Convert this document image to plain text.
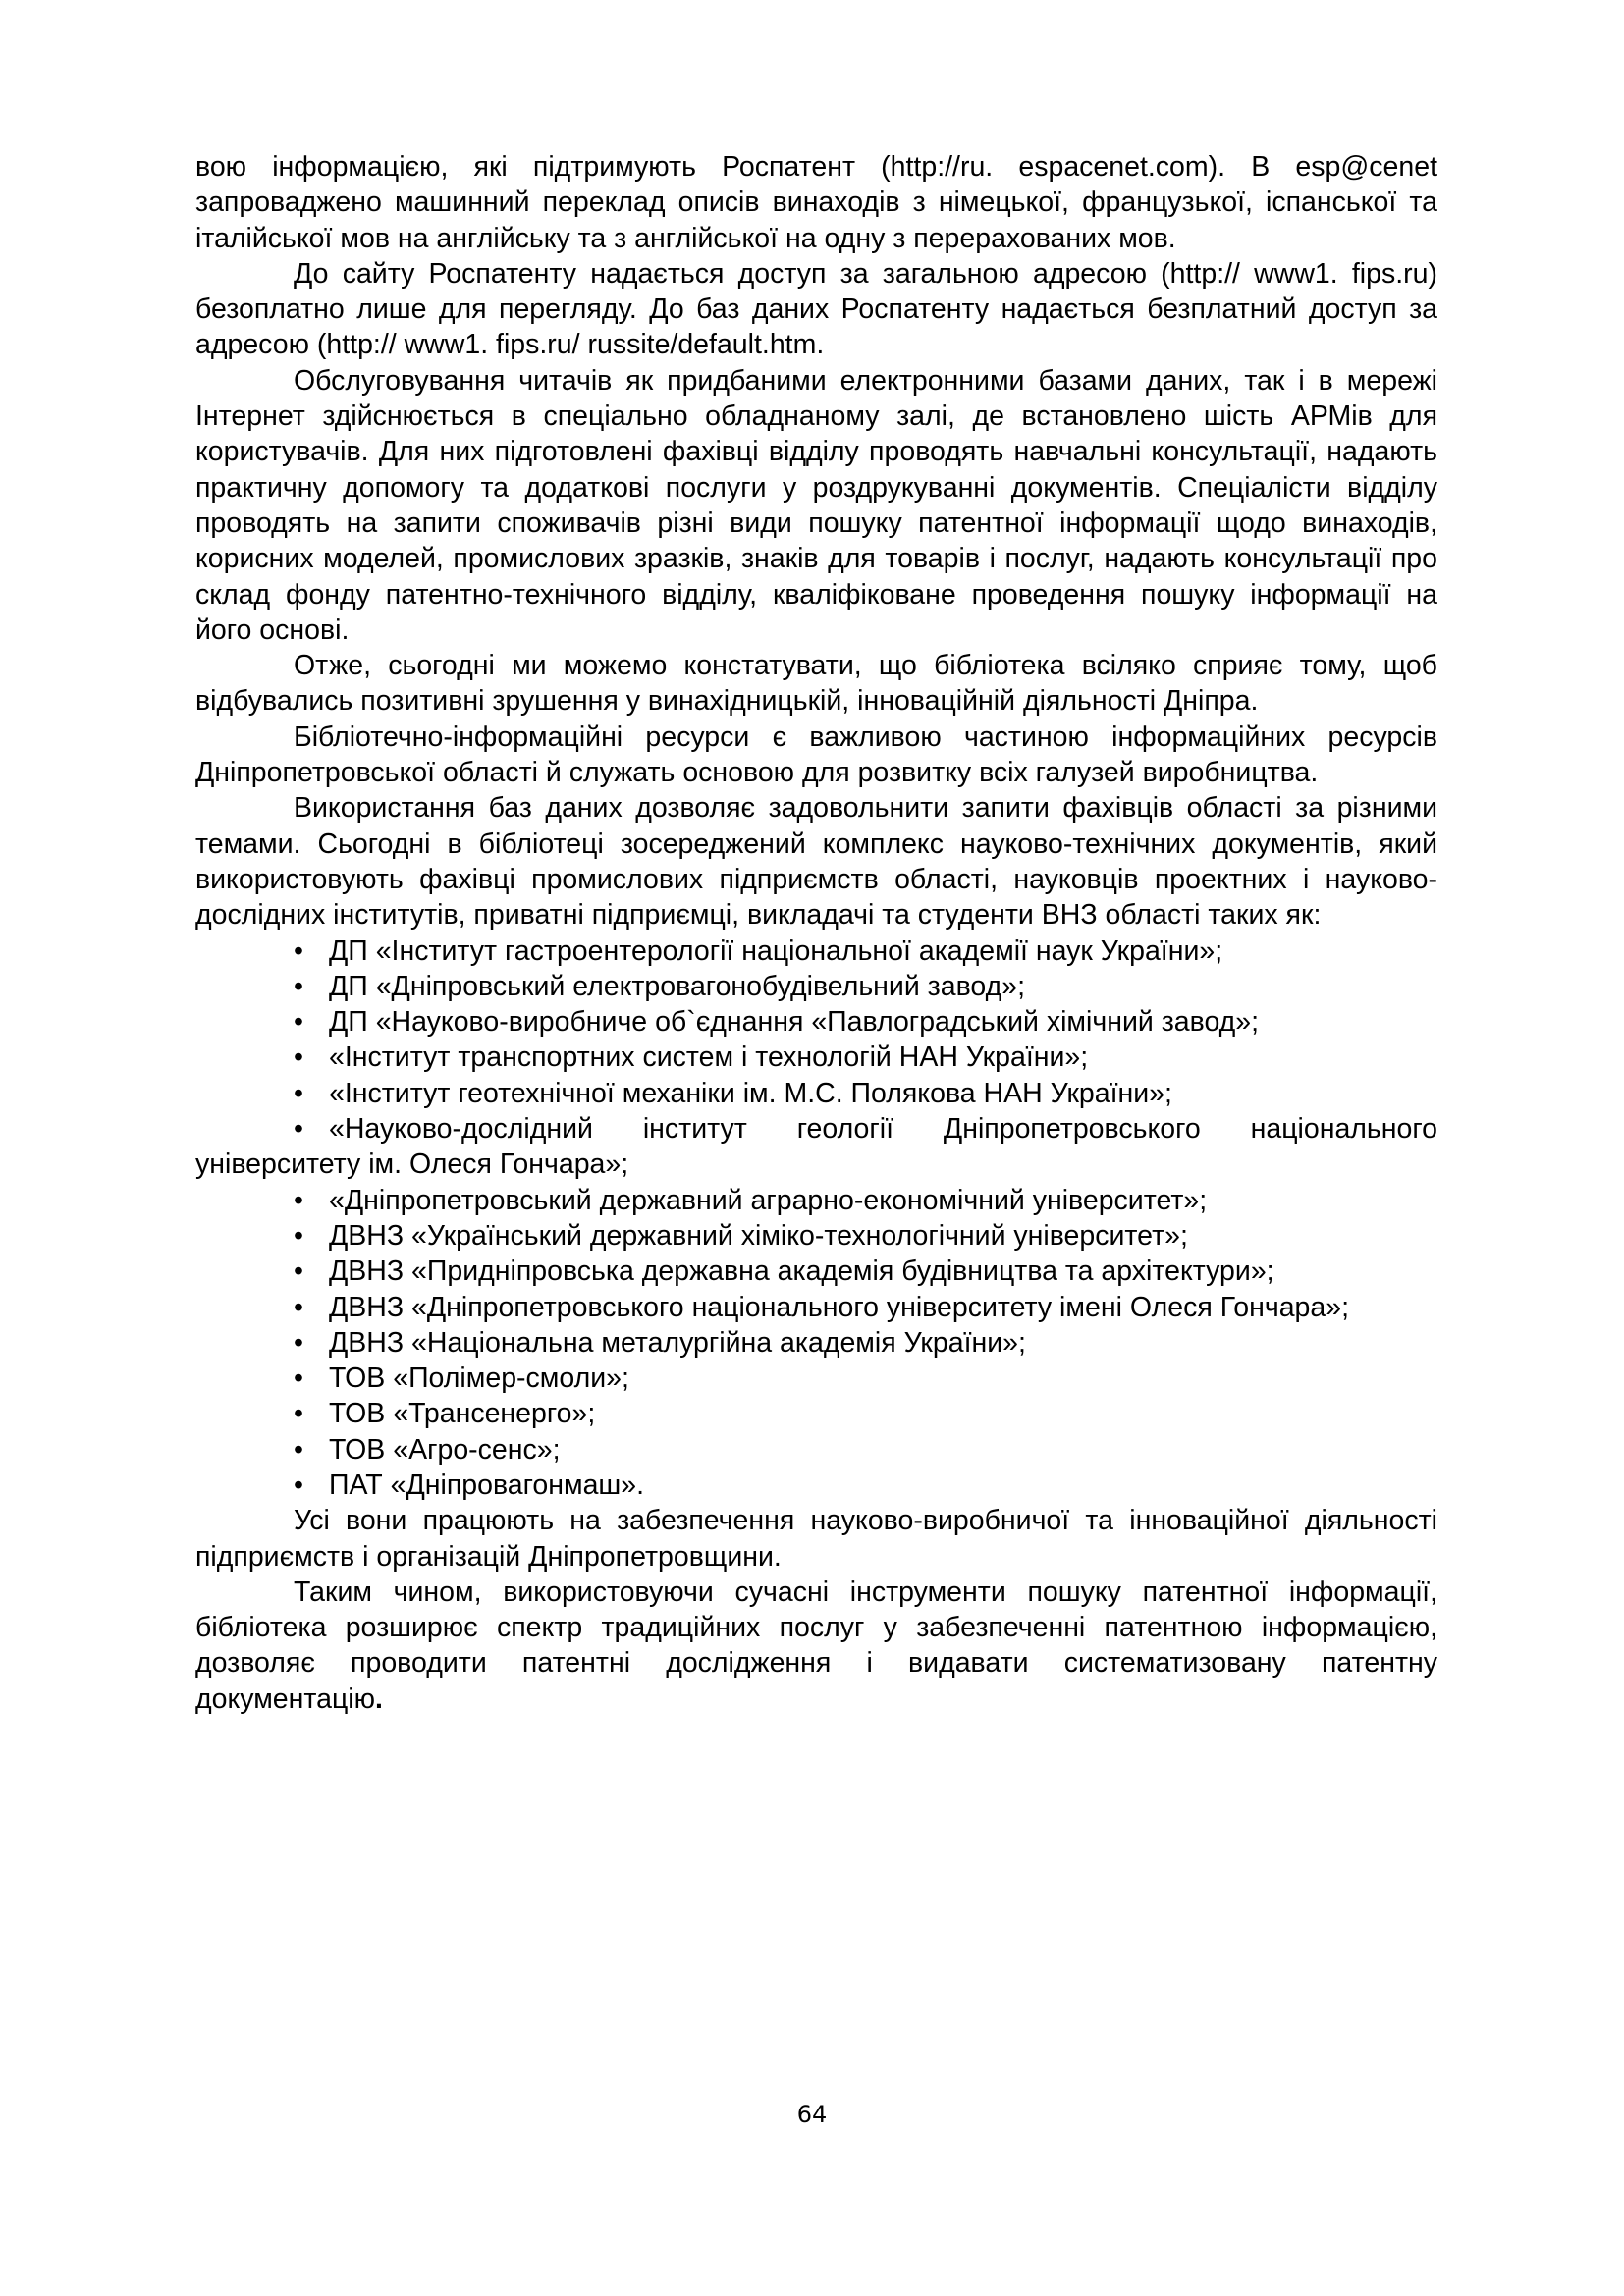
вою інформацією, які підтримують Роспатент (http://ru. espacenet.com). В esp@cenet запроваджено машинний переклад описів винаходів з німецької, французької, іспанської та італійської мов на англійську та з англійської на одну з перерахованих мов.

До сайту Роспатенту надається доступ за загальною адресою (http:// www1. fips.ru) безоплатно лише для перегляду. До баз даних Роспатенту надається безплатний доступ за адресою (http:// www1. fips.ru/ russite/default.htm.

Обслуговування читачів як придбаними електронними базами даних, так і в мережі Інтернет здійснюється в спеціально обладнаному залі, де встановлено шість АРМів для користувачів. Для них підготовлені фахівці відділу проводять навчальні консультації, надають практичну допомогу та додаткові послуги у роздрукуванні документів. Спеціалісти відділу проводять на запити споживачів різні види пошуку патентної інформації щодо винаходів, корисних моделей, промислових зразків, знаків для товарів і послуг, надають консультації про склад фонду патентно-технічного відділу, кваліфіковане проведення пошуку інформації на його основі.

Отже, сьогодні ми можемо констатувати, що бібліотека всіляко сприяє тому, щоб відбувались позитивні зрушення у винахідницькій, інноваційній діяльності Дніпра.

Бібліотечно-інформаційні ресурси є важливою частиною інформаційних ресурсів Дніпропетровської області й служать основою для розвитку всіх галузей виробництва.

Використання баз даних дозволяє задовольнити запити фахівців області за різними темами. Сьогодні в бібліотеці зосереджений комплекс науково-технічних документів, який використовують фахівці промислових підприємств області, науковців проектних і науково-дослідних інститутів, приватні підприємці, викладачі та студенти ВНЗ області таких як:

• ДП «Інститут гастроентерології національної академії наук України»;
• ДП «Дніпровський електровагонобудівельний завод»;
• ДП «Науково-виробниче об`єднання «Павлоградський хімічний завод»;
• «Інститут транспортних систем і технологій НАН України»;
• «Інститут геотехнічної механіки ім. М.С. Полякова НАН України»;
• «Науково-дослідний інститут геології Дніпропетровського національного університету ім. Олеся Гончара»;
• «Дніпропетровський державний аграрно-економічний університет»;
• ДВНЗ «Український державний хіміко-технологічний університет»;
• ДВНЗ «Придніпровська державна академія будівництва та архітектури»;
• ДВНЗ «Дніпропетровського національного університету імені Олеся Гончара»;
• ДВНЗ «Національна металургійна академія України»;
• ТОВ «Полімер-смоли»;
• ТОВ «Трансенерго»;
• ТОВ «Агро-сенс»;
• ПАТ «Дніпровагонмаш».

Усі вони працюють на забезпечення науково-виробничої та інноваційної діяльності підприємств і організацій Дніпропетровщини.

Таким чином, використовуючи сучасні інструменти пошуку патентної інформації, бібліотека розширює спектр традиційних послуг у забезпеченні патентною інформацією, дозволяє проводити патентні дослідження і видавати систематизовану патентну документацію.

64
